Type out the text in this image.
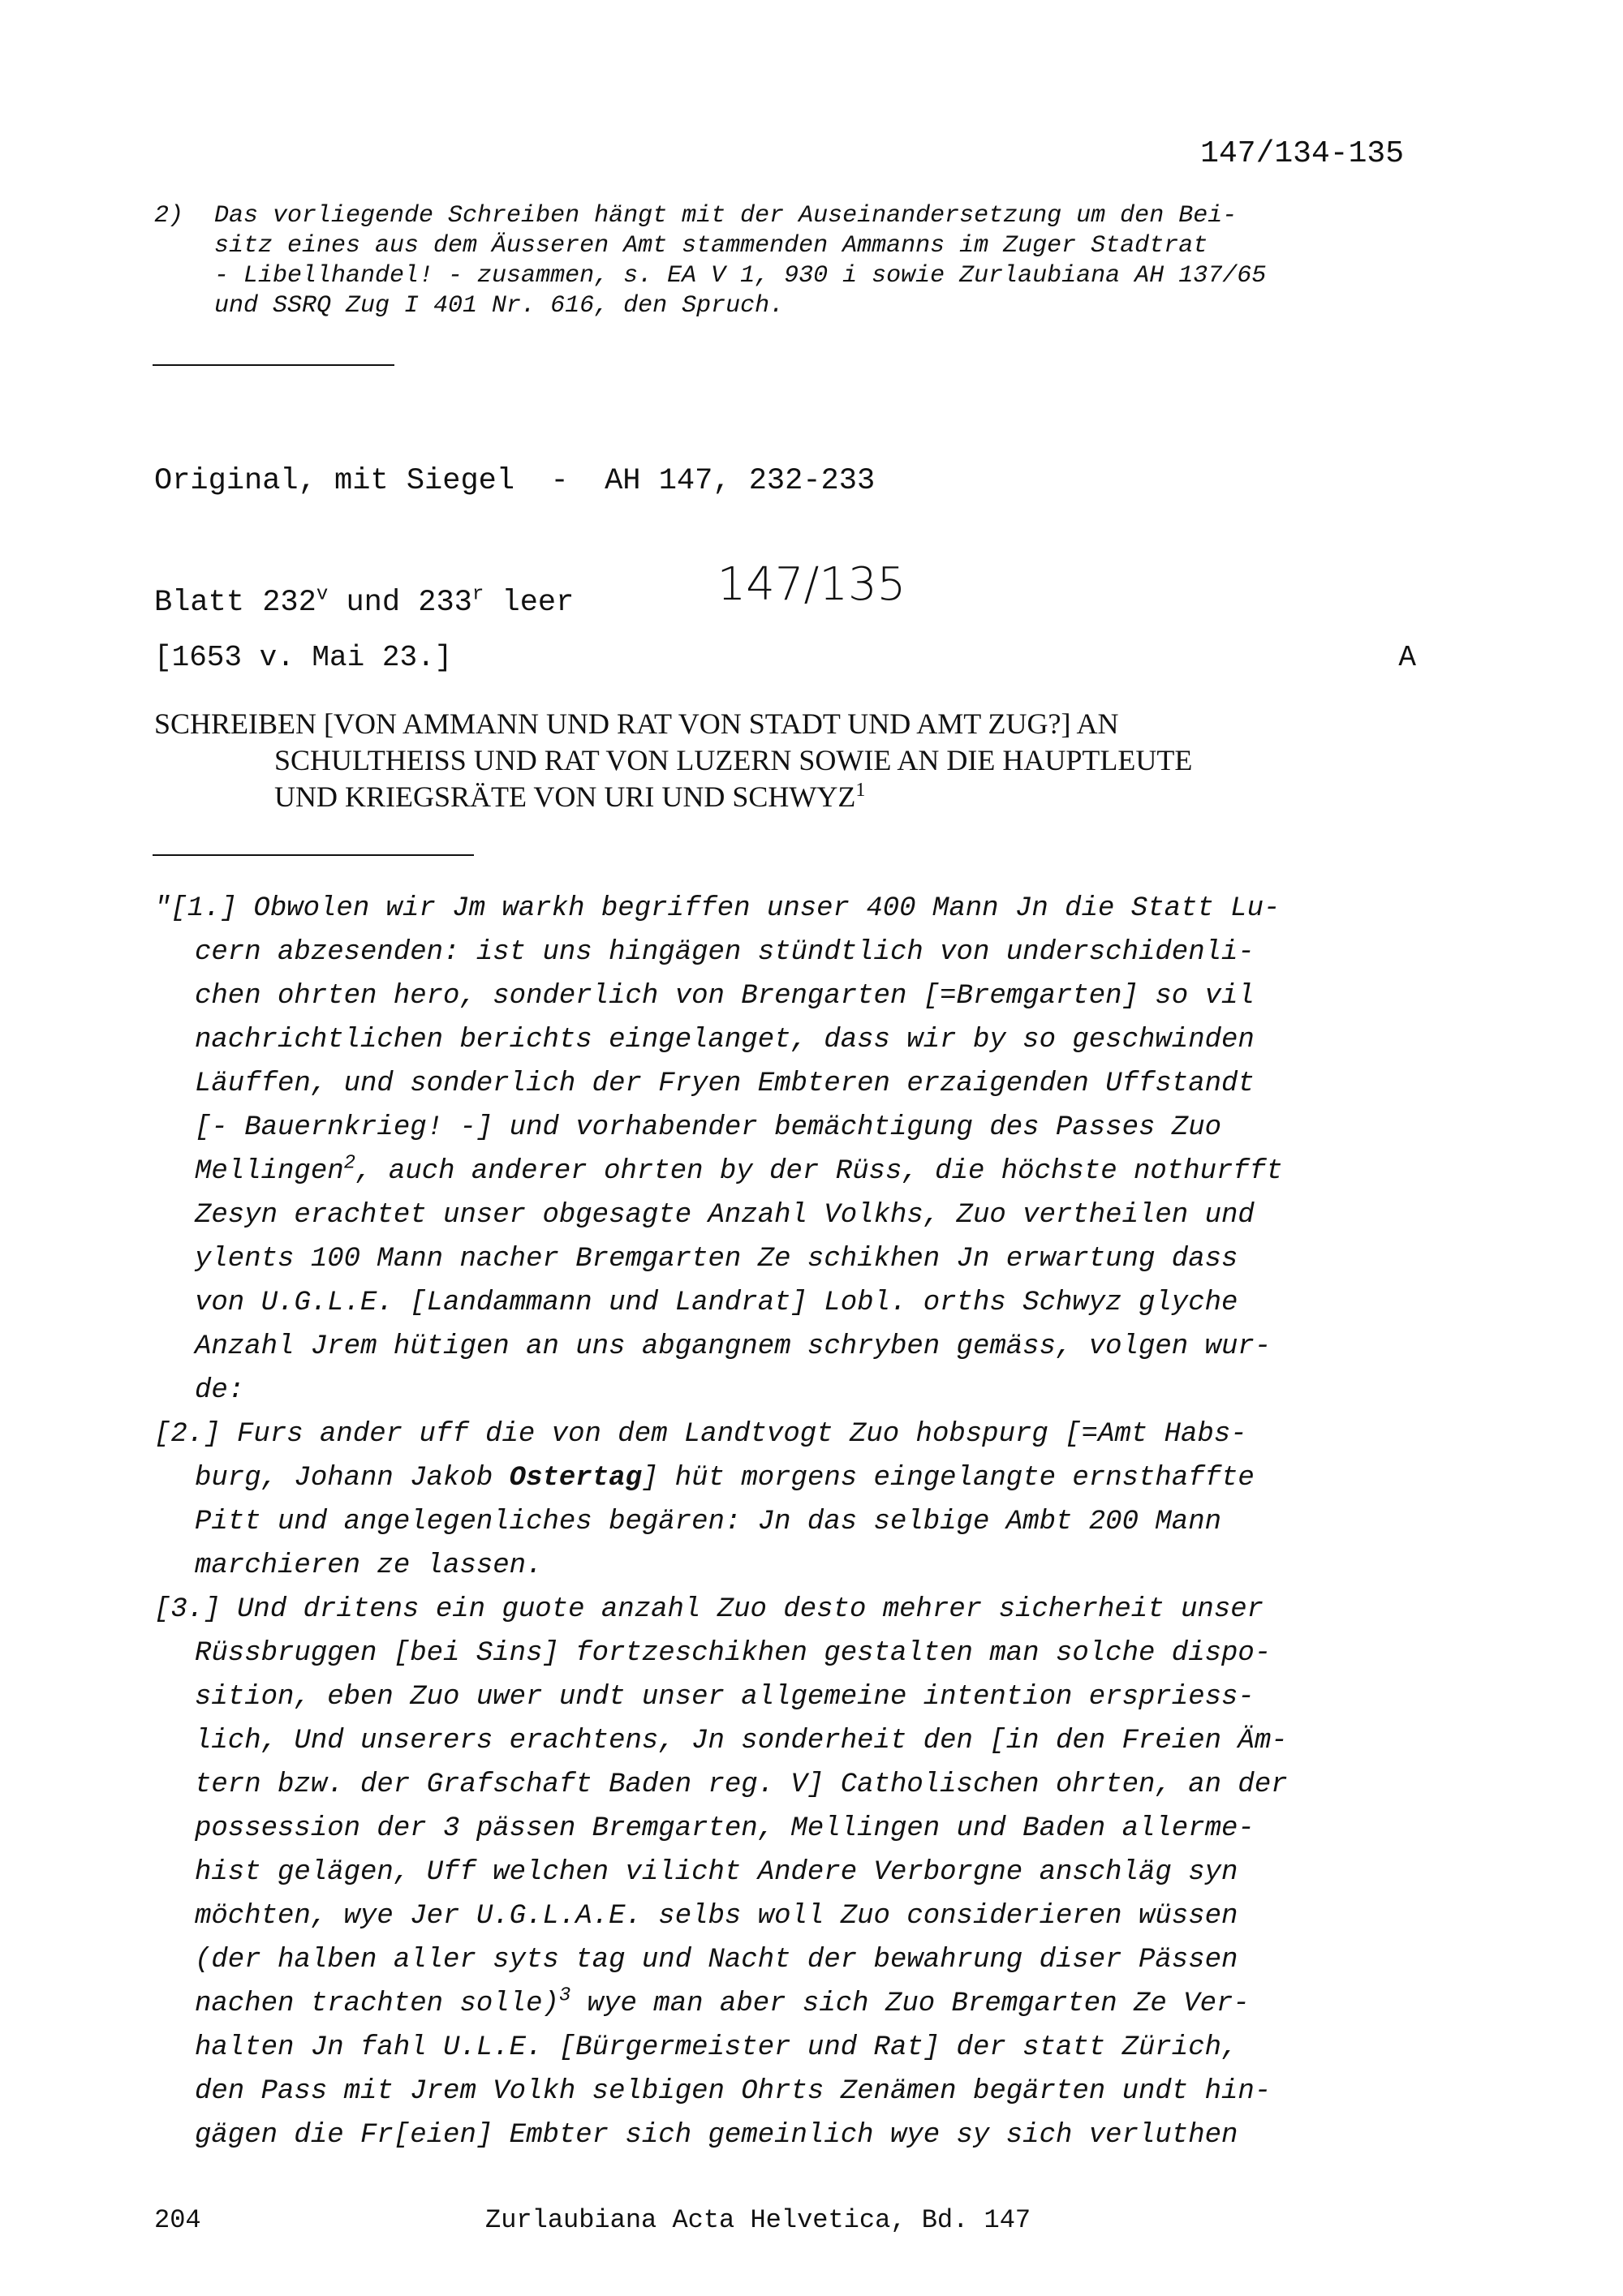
147/134-135
2) Das vorliegende Schreiben hängt mit der Auseinandersetzung um den Bei-
sitz eines aus dem Äusseren Amt stammenden Ammanns im Zuger Stadtrat
- Libellhandel! - zusammen, s. EA V 1, 930 i sowie Zurlaubiana AH 137/65
und SSRQ Zug I 401 Nr. 616, den Spruch.

Original, mit Siegel  -  AH 147, 232-233

Blatt 232$^v$ und 233$^r$ leer

	147/135
[1653 v. Mai 23.]	A
SCHREIBEN [VON AMMANN UND RAT VON STADT UND AMT ZUG?] AN
SCHULTHEISS UND RAT VON LUZERN SOWIE AN DIE HAUPTLEUTE
UND KRIEGSRÄTE VON URI UND SCHWYZ$^1$
"[1.] Obwolen wir Jm warkh begriffen unser 400 Mann Jn die Statt Lu-
cern abzesenden: ist uns hingägen stündtlich von underschidenli-
chen ohrten hero, sonderlich von Brengarten [=Bremgarten] so vil
nachrichtlichen berichts eingelanget, dass wir by so geschwinden
Läuffen, und sonderlich der Fryen Embteren erzaigenden Uffstandt
[- Bauernkrieg! -] und vorhabender bemächtigung des Passes Zuo
Mellingen$^2$, auch anderer ohrten by der Rüss, die höchste nothurfft
Zesyn erachtet unser obgesagte Anzahl Volkhs, Zuo vertheilen und
ylents 100 Mann nacher Bremgarten Ze schikhen Jn erwartung dass
von U.G.L.E. [Landammann und Landrat] Lobl. orths Schwyz glyche
Anzahl Jrem hütigen an uns abgangnem schryben gemäss, volgen wur-
de:
[2.] Furs ander uff die von dem Landtvogt Zuo hobspurg [=Amt Habs-
burg, Johann Jakob Ostertag] hüt morgens eingelangte ernsthaffte
Pitt und angelegenliches begären: Jn das selbige Ambt 200 Mann
marchieren ze lassen.
[3.] Und dritens ein guote anzahl Zuo desto mehrer sicherheit unser
Rüssbruggen [bei Sins] fortzeschikhen gestalten man solche dispo-
sition, eben Zuo uwer undt unser allgemeine intention erspriess-
lich, Und unserers erachtens, Jn sonderheit den [in den Freien Äm-
tern bzw. der Grafschaft Baden reg. V] Catholischen ohrten, an der
possession der 3 pässen Bremgarten, Mellingen und Baden allerme-
hist gelägen, Uff welchen vilicht Andere Verborgne anschläg syn
möchten, wye Jer U.G.L.A.E. selbs woll Zuo considerieren wüssen
(der halben aller syts tag und Nacht der bewahrung diser Pässen
nachen trachten solle)$^3$ wye man aber sich Zuo Bremgarten Ze Ver-
halten Jn fahl U.L.E. [Bürgermeister und Rat] der statt Zürich,
den Pass mit Jrem Volkh selbigen Ohrts Zenämen begärten undt hin-
gägen die Fr[eien] Embter sich gemeinlich wye sy sich verluthen
204	Zurlaubiana Acta Helvetica, Bd. 147
